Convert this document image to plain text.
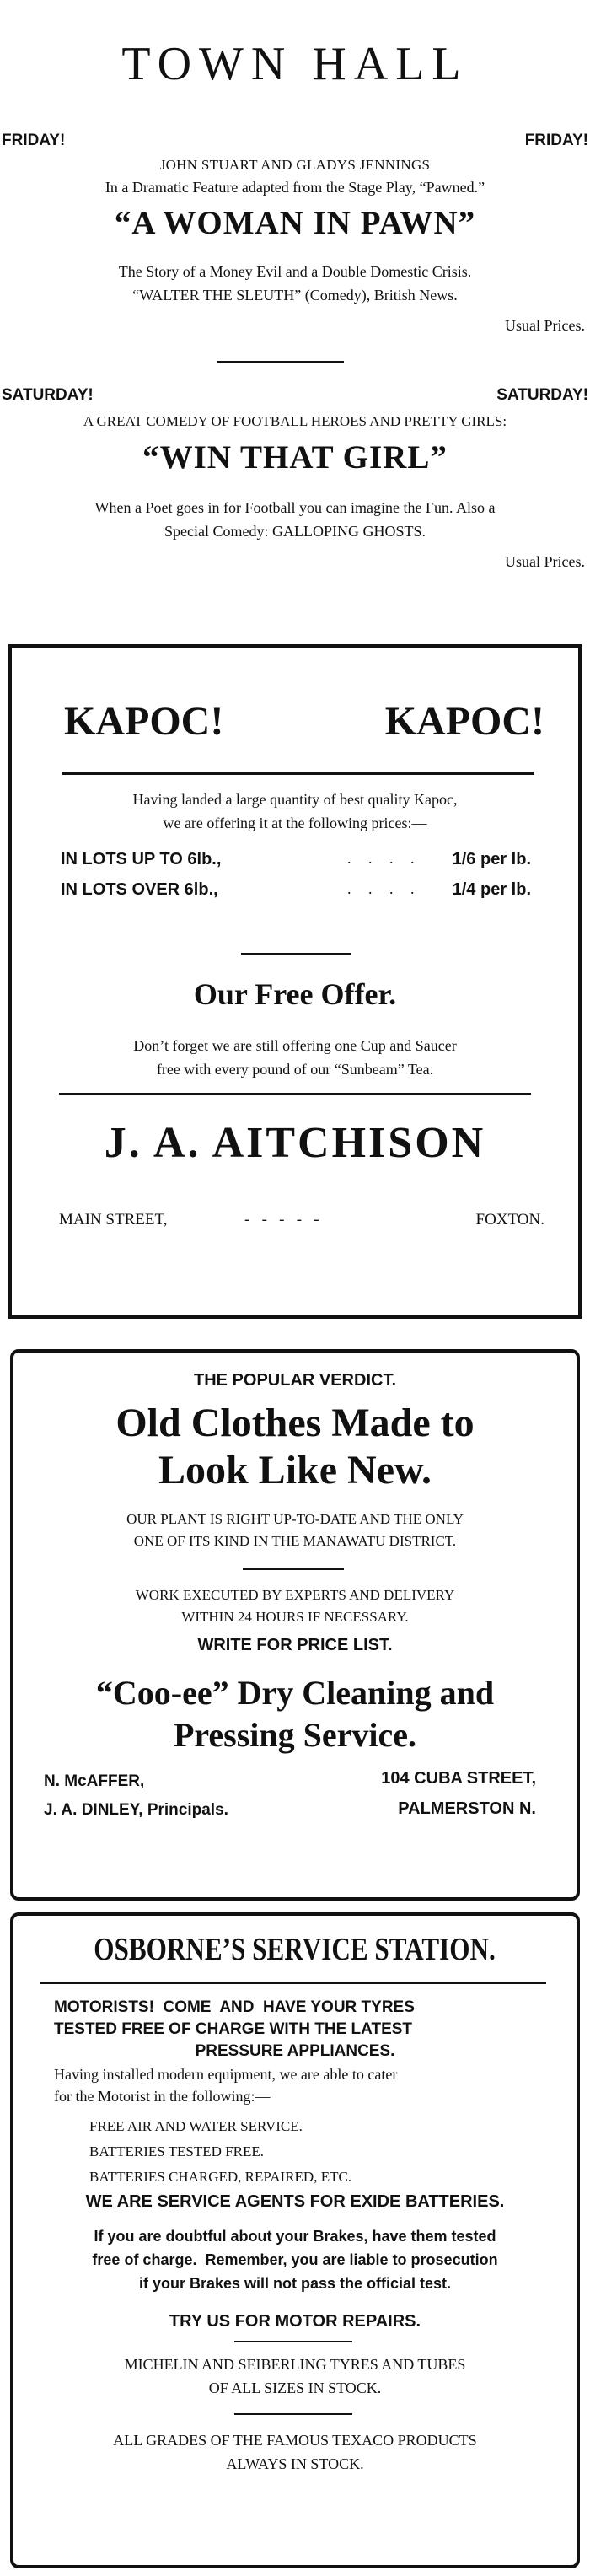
TOWN HALL
FRIDAY!	FRIDAY!
JOHN STUART AND GLADYS JENNINGS
In a Dramatic Feature adapted from the Stage Play, “Pawned.”
“A WOMAN IN PAWN”
The Story of a Money Evil and a Double Domestic Crisis.
“WALTER THE SLEUTH” (Comedy), British News.
Usual Prices.
SATURDAY!	SATURDAY!
A GREAT COMEDY OF FOOTBALL HEROES AND PRETTY GIRLS:
“WIN THAT GIRL”
When a Poet goes in for Football you can imagine the Fun. Also a
Special Comedy: GALLOPING GHOSTS.
Usual Prices.
KAPOC!	KAPOC!
Having landed a large quantity of best quality Kapoc,
we are offering it at the following prices:—
IN LOTS UP TO 6lb.,	. . . . 1/6 per lb.
IN LOTS OVER 6lb.,	. . . . 1/4 per lb.
Our Free Offer.
Don’t forget we are still offering one Cup and Saucer
free with every pound of our “Sunbeam” Tea.
J. A. AITCHISON
MAIN STREET,	-   -   -   -   -	FOXTON.
THE POPULAR VERDICT.
Old Clothes Made to
Look Like New.
OUR PLANT IS RIGHT UP-TO-DATE AND THE ONLY
ONE OF ITS KIND IN THE MANAWATU DISTRICT.
WORK EXECUTED BY EXPERTS AND DELIVERY
WITHIN 24 HOURS IF NECESSARY.
WRITE FOR PRICE LIST.
“Coo-ee” Dry Cleaning and
Pressing Service.
N. McAFFER,
J. A. DINLEY, Principals.
104 CUBA STREET,
PALMERSTON N.
OSBORNE’S SERVICE STATION.
MOTORISTS!  COME  AND  HAVE YOUR TYRES
TESTED FREE OF CHARGE WITH THE LATEST
PRESSURE APPLIANCES.
Having installed modern equipment, we are able to cater
for the Motorist in the following:—
FREE AIR AND WATER SERVICE.
BATTERIES TESTED FREE.
BATTERIES CHARGED, REPAIRED, ETC.
WE ARE SERVICE AGENTS FOR EXIDE BATTERIES.
If you are doubtful about your Brakes, have them tested
free of charge.  Remember, you are liable to prosecution
if your Brakes will not pass the official test.
TRY US FOR MOTOR REPAIRS.
MICHELIN AND SEIBERLING TYRES AND TUBES
OF ALL SIZES IN STOCK.
ALL GRADES OF THE FAMOUS TEXACO PRODUCTS
ALWAYS IN STOCK.
